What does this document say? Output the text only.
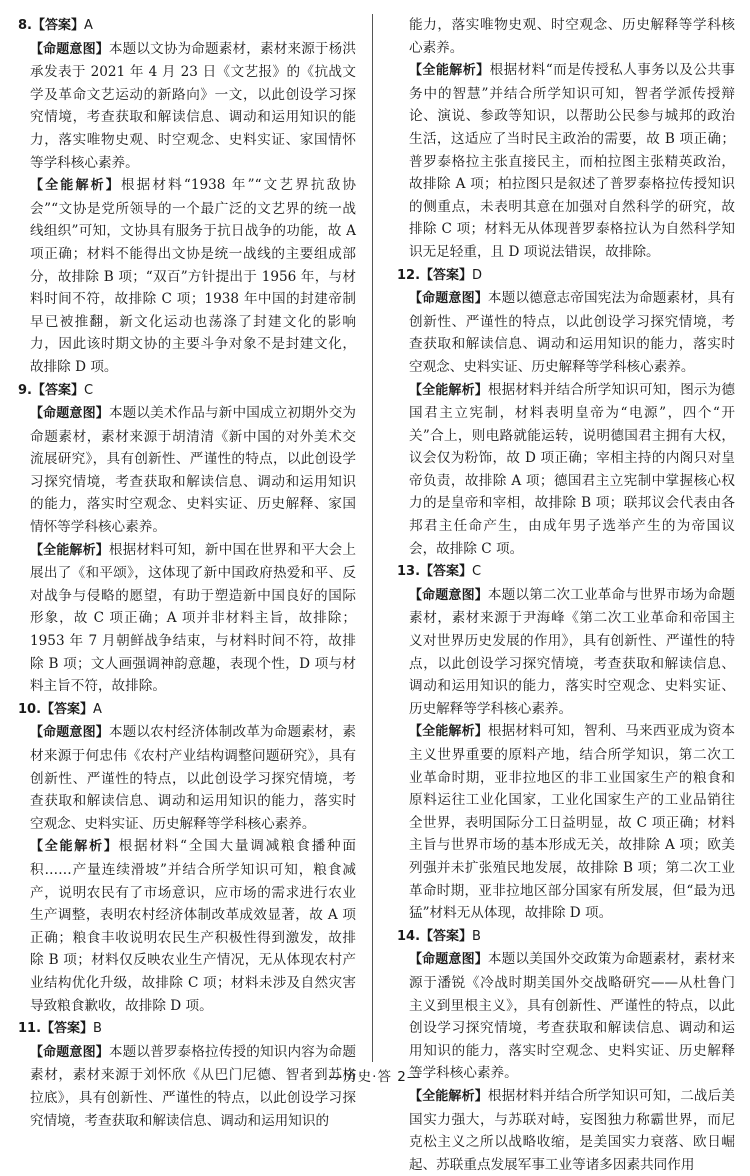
8.【答案】A
【命题意图】本题以文协为命题素材，素材来源于杨洪承发表于 2021 年 4 月 23 日《文艺报》的《抗战文学及革命文艺运动的新路向》一文，以此创设学习探究情境，考查获取和解读信息、调动和运用知识的能力，落实唯物史观、时空观念、史料实证、家国情怀等学科核心素养。
【全能解析】根据材料“1938 年”“文艺界抗敌协会”“文协是党所领导的一个最广泛的文艺界的统一战线组织”可知，文协具有服务于抗日战争的功能，故 A 项正确；材料不能得出文协是统一战线的主要组成部分，故排除 B 项；“双百”方针提出于 1956 年，与材料时间不符，故排除 C 项；1938 年中国的封建帝制早已被推翻，新文化运动也荡涤了封建文化的影响力，因此该时期文协的主要斗争对象不是封建文化，故排除 D 项。
9.【答案】C
【命题意图】本题以美术作品与新中国成立初期外交为命题素材，素材来源于胡清清《新中国的对外美术交流展研究》，具有创新性、严谨性的特点，以此创设学习探究情境，考查获取和解读信息、调动和运用知识的能力，落实时空观念、史料实证、历史解释、家国情怀等学科核心素养。
【全能解析】根据材料可知，新中国在世界和平大会上展出了《和平颂》，这体现了新中国政府热爱和平、反对战争与侵略的愿望，有助于塑造新中国良好的国际形象，故 C 项正确；A 项并非材料主旨，故排除；1953 年 7 月朝鲜战争结束，与材料时间不符，故排除 B 项；文人画强调神韵意趣，表现个性，D 项与材料主旨不符，故排除。
10.【答案】A
【命题意图】本题以农村经济体制改革为命题素材，素材来源于何忠伟《农村产业结构调整问题研究》，具有创新性、严谨性的特点，以此创设学习探究情境，考查获取和解读信息、调动和运用知识的能力，落实时空观念、史料实证、历史解释等学科核心素养。
【全能解析】根据材料“全国大量调减粮食播种面积……产量连续滑坡”并结合所学知识可知，粮食减产，说明农民有了市场意识，应市场的需求进行农业生产调整，表明农村经济体制改革成效显著，故 A 项正确；粮食丰收说明农民生产积极性得到激发，故排除 B 项；材料仅反映农业生产情况，无从体现农村产业结构优化升级，故排除 C 项；材料未涉及自然灾害导致粮食歉收，故排除 D 项。
11.【答案】B
【命题意图】本题以普罗泰格拉传授的知识内容为命题素材，素材来源于刘怀欣《从巴门尼德、智者到苏格拉底》，具有创新性、严谨性的特点，以此创设学习探究情境，考查获取和解读信息、调动和运用知识的
能力，落实唯物史观、时空观念、历史解释等学科核心素养。
【全能解析】根据材料“而是传授私人事务以及公共事务中的智慧”并结合所学知识可知，智者学派传授辩论、演说、参政等知识，以帮助公民参与城邦的政治生活，这适应了当时民主政治的需要，故 B 项正确；普罗泰格拉主张直接民主，而柏拉图主张精英政治，故排除 A 项；柏拉图只是叙述了普罗泰格拉传授知识的侧重点，未表明其意在加强对自然科学的研究，故排除 C 项；材料无从体现普罗泰格拉认为自然科学知识无足轻重，且 D 项说法错误，故排除。
12.【答案】D
【命题意图】本题以德意志帝国宪法为命题素材，具有创新性、严谨性的特点，以此创设学习探究情境，考查获取和解读信息、调动和运用知识的能力，落实时空观念、史料实证、历史解释等学科核心素养。
【全能解析】根据材料并结合所学知识可知，图示为德国君主立宪制，材料表明皇帝为“电源”，四个“开关”合上，则电路就能运转，说明德国君主拥有大权，议会仅为粉饰，故 D 项正确；宰相主持的内阁只对皇帝负责，故排除 A 项；德国君主立宪制中掌握核心权力的是皇帝和宰相，故排除 B 项；联邦议会代表由各邦君主任命产生，由成年男子选举产生的为帝国议会，故排除 C 项。
13.【答案】C
【命题意图】本题以第二次工业革命与世界市场为命题素材，素材来源于尹海峰《第二次工业革命和帝国主义对世界历史发展的作用》，具有创新性、严谨性的特点，以此创设学习探究情境，考查获取和解读信息、调动和运用知识的能力，落实时空观念、史料实证、历史解释等学科核心素养。
【全能解析】根据材料可知，智利、马来西亚成为资本主义世界重要的原料产地，结合所学知识，第二次工业革命时期，亚非拉地区的非工业国家生产的粮食和原料运往工业化国家，工业化国家生产的工业品销往全世界，表明国际分工日益明显，故 C 项正确；材料主旨与世界市场的基本形成无关，故排除 A 项；欧美列强并未扩张殖民地发展，故排除 B 项；第二次工业革命时期，亚非拉地区部分国家有所发展，但“最为迅猛”材料无从体现，故排除 D 项。
14.【答案】B
【命题意图】本题以美国外交政策为命题素材，素材来源于潘锐《冷战时期美国外交战略研究——从杜鲁门主义到里根主义》，具有创新性、严谨性的特点，以此创设学习探究情境，考查获取和解读信息、调动和运用知识的能力，落实时空观念、史料实证、历史解释等学科核心素养。
【全能解析】根据材料并结合所学知识可知，二战后美国实力强大，与苏联对峙，妄图独力称霸世界，而尼克松主义之所以战略收缩，是美国实力衰落、欧日崛起、苏联重点发展军事工业等诸多因素共同作用
—历史·答 2—
